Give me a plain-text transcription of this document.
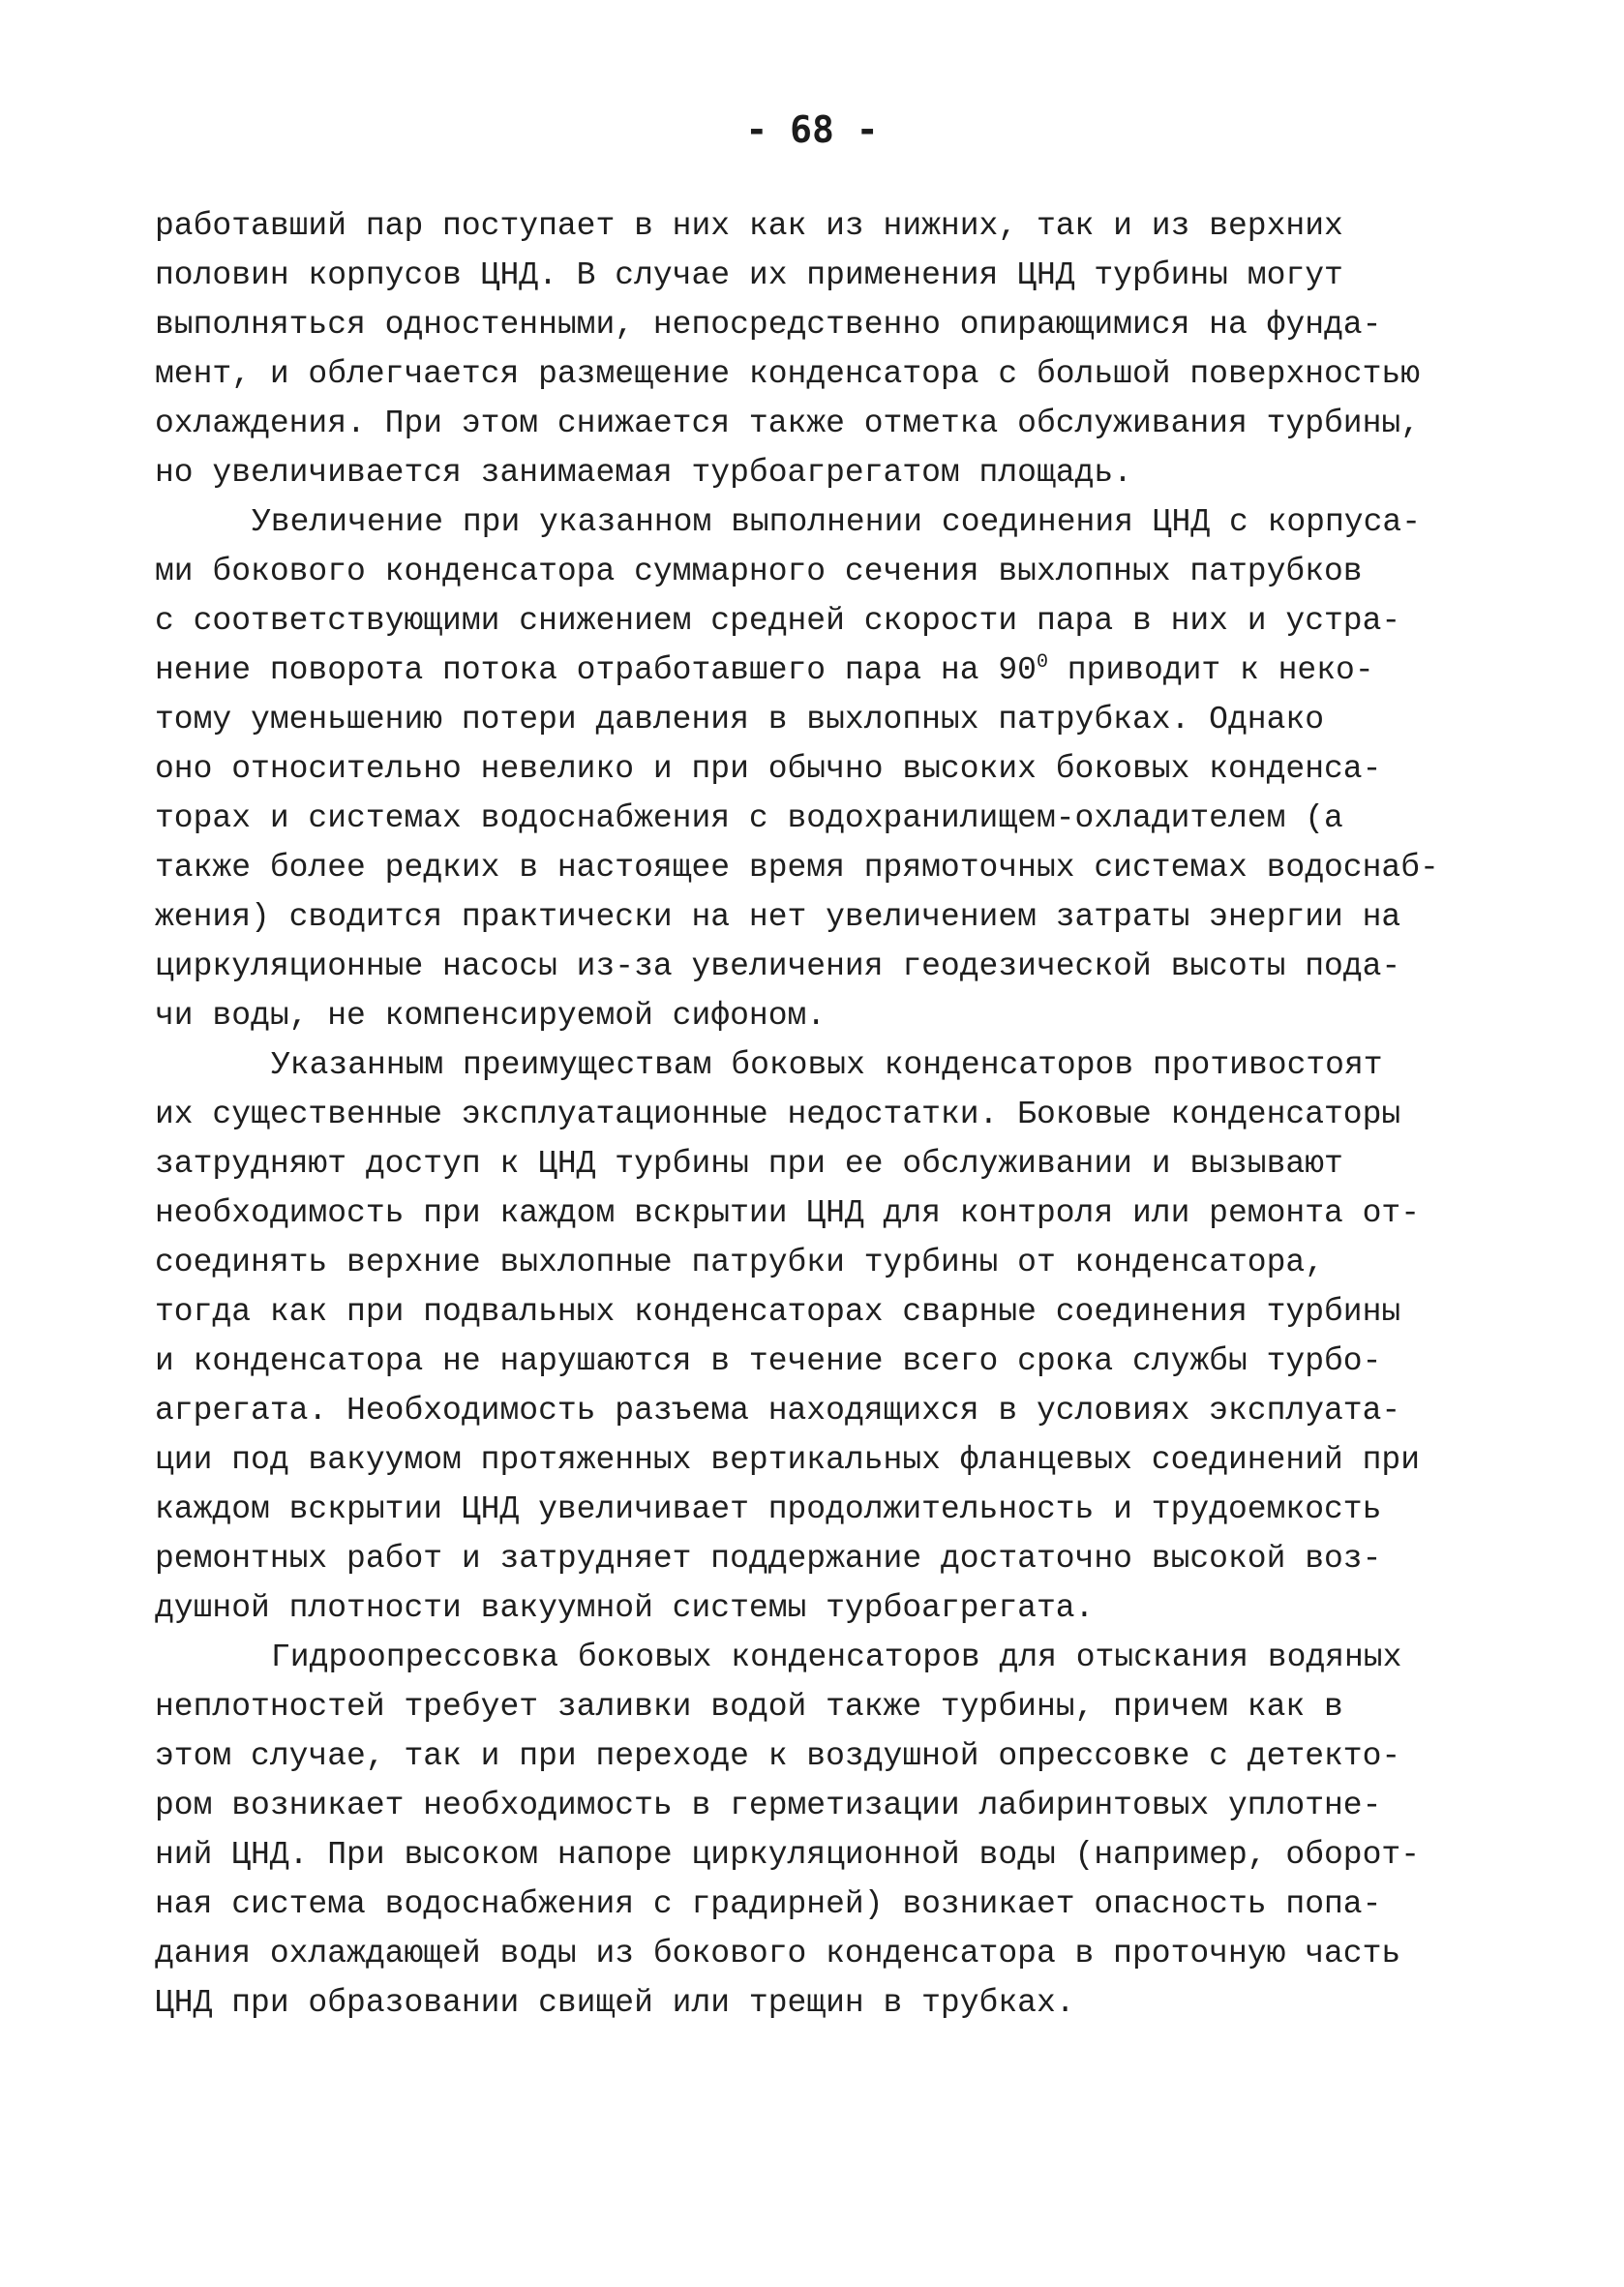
- 68 -
работавший пар поступает в них как из нижних, так и из верхних
половин корпусов ЦНД. В случае их применения ЦНД турбины могут
выполняться одностенными, непосредственно опирающимися на фунда-
мент, и облегчается размещение конденсатора с большой поверхностью
охлаждения. При этом снижается также отметка обслуживания турбины,
но увеличивается занимаемая турбоагрегатом площадь.
Увеличение при указанном выполнении соединения ЦНД с корпуса-
ми бокового конденсатора суммарного сечения выхлопных патрубков
с соответствующими снижением средней скорости пара в них и устра-
нение поворота потока отработавшего пара на $90^0$ приводит к неко-
тому уменьшению потери давления в выхлопных патрубках. Однако
оно относительно невелико и при обычно высоких боковых конденса-
торах и системах водоснабжения с водохранилищем-охладителем (а
также более редких в настоящее время прямоточных системах водоснаб-
жения) сводится практически на нет увеличением затраты энергии на
циркуляционные насосы из-за увеличения геодезической высоты пода-
чи воды, не компенсируемой сифоном.
Указанным преимуществам боковых конденсаторов противостоят
их существенные эксплуатационные недостатки. Боковые конденсаторы
затрудняют доступ к ЦНД турбины при ее обслуживании и вызывают
необходимость при каждом вскрытии ЦНД для контроля или ремонта от-
соединять верхние выхлопные патрубки турбины от конденсатора,
тогда как при подвальных конденсаторах сварные соединения турбины
и конденсатора не нарушаются в течение всего срока службы турбо-
агрегата. Необходимость разъема находящихся в условиях эксплуата-
ции под вакуумом протяженных вертикальных фланцевых соединений при
каждом вскрытии ЦНД увеличивает продолжительность и трудоемкость
ремонтных работ и затрудняет поддержание достаточно высокой воз-
душной плотности вакуумной системы турбоагрегата.
Гидроопрессовка боковых конденсаторов для отыскания водяных
неплотностей требует заливки водой также турбины, причем как в
этом случае, так и при переходе к воздушной опрессовке с детекто-
ром возникает необходимость в герметизации лабиринтовых уплотне-
ний ЦНД. При высоком напоре циркуляционной воды (например, оборот-
ная система водоснабжения с градирней) возникает опасность попа-
дания охлаждающей воды из бокового конденсатора в проточную часть
ЦНД при образовании свищей или трещин в трубках.
